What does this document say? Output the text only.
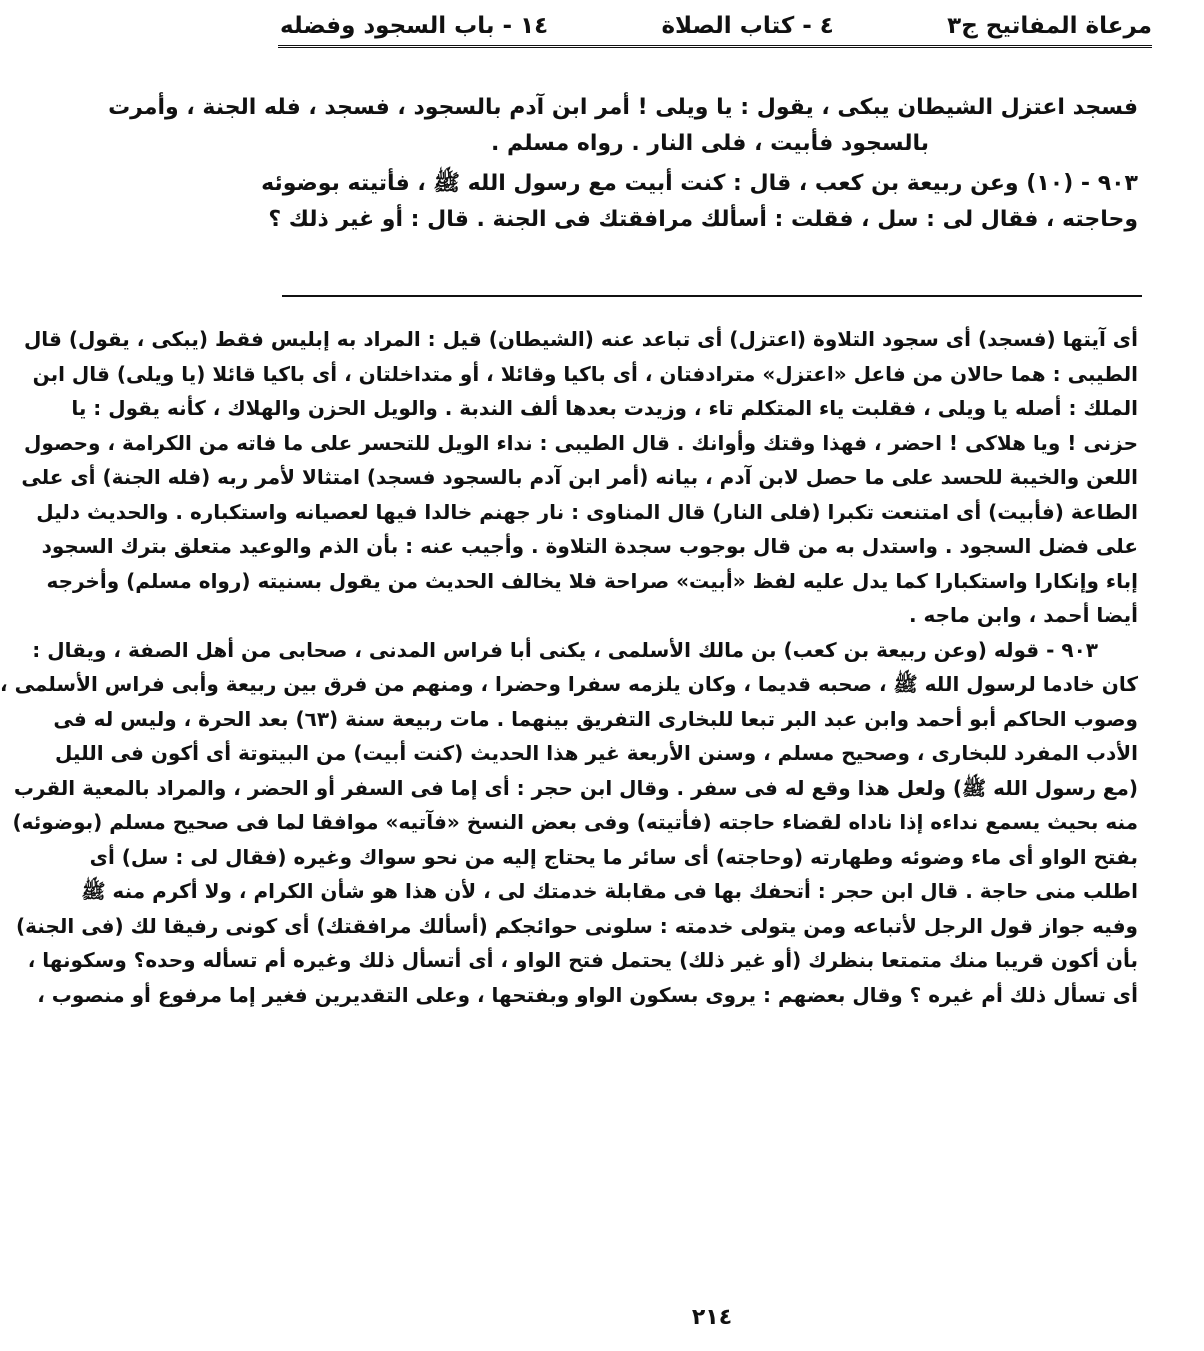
مرعاة المفاتيح ج٣
٤ - كتاب الصلاة
١٤ - باب السجود وفضله
فسجد اعتزل الشيطان يبكى ، يقول : يا ويلى ! أمر ابن آدم بالسجود ، فسجد ، فله الجنة ، وأمرت
بالسجود فأبيت ، فلى النار . رواه مسلم .
٩٠٣ - (١٠) وعن ربيعة بن كعب ، قال : كنت أبيت مع رسول الله ﷺ ، فأتيته بوضوئه
وحاجته ، فقال لى : سل ، فقلت : أسألك مرافقتك فى الجنة . قال : أو غير ذلك ؟
أى آيتها (فسجد) أى سجود التلاوة (اعتزل) أى تباعد عنه (الشيطان) قيل : المراد به إبليس فقط (يبكى ، يقول) قال
الطيبى : هما حالان من فاعل «اعتزل» مترادفتان ، أى باكيا وقائلا ، أو متداخلتان ، أى باكيا قائلا (يا ويلى) قال ابن
الملك : أصله يا ويلى ، فقلبت ياء المتكلم تاء ، وزيدت بعدها ألف الندبة . والويل الحزن والهلاك ، كأنه يقول : يا
حزنى ! ويا هلاكى ! احضر ، فهذا وقتك وأوانك . قال الطيبى : نداء الويل للتحسر على ما فاته من الكرامة ، وحصول
اللعن والخيبة للحسد على ما حصل لابن آدم ، بيانه (أمر ابن آدم بالسجود فسجد) امتثالا لأمر ربه (فله الجنة) أى على
الطاعة (فأبيت) أى امتنعت تكبرا (فلى النار) قال المناوى : نار جهنم خالدا فيها لعصيانه واستكباره . والحديث دليل
على فضل السجود . واستدل به من قال بوجوب سجدة التلاوة . وأجيب عنه : بأن الذم والوعيد متعلق بترك السجود
إباء وإنكارا واستكبارا كما يدل عليه لفظ «أبيت» صراحة فلا يخالف الحديث من يقول بسنيته (رواه مسلم) وأخرجه
أيضا أحمد ، وابن ماجه .
٩٠٣ - قوله (وعن ربيعة بن كعب) بن مالك الأسلمى ، يكنى أبا فراس المدنى ، صحابى من أهل الصفة ، ويقال :
كان خادما لرسول الله ﷺ ، صحبه قديما ، وكان يلزمه سفرا وحضرا ، ومنهم من فرق بين ربيعة وأبى فراس الأسلمى ،
وصوب الحاكم أبو أحمد وابن عبد البر تبعا للبخارى التفريق بينهما . مات ربيعة سنة (٦٣) بعد الحرة ، وليس له فى
الأدب المفرد للبخارى ، وصحيح مسلم ، وسنن الأربعة غير هذا الحديث (كنت أبيت) من البيتوتة أى أكون فى الليل
(مع رسول الله ﷺ) ولعل هذا وقع له فى سفر . وقال ابن حجر : أى إما فى السفر أو الحضر ، والمراد بالمعية القرب
منه بحيث يسمع نداءه إذا ناداه لقضاء حاجته (فأتيته) وفى بعض النسخ «فآتيه» موافقا لما فى صحيح مسلم (بوضوئه)
بفتح الواو أى ماء وضوئه وطهارته (وحاجته) أى سائر ما يحتاج إليه من نحو سواك وغيره (فقال لى : سل) أى
اطلب منى حاجة . قال ابن حجر : أتحفك بها فى مقابلة خدمتك لى ، لأن هذا هو شأن الكرام ، ولا أكرم منه ﷺ
وفيه جواز قول الرجل لأتباعه ومن يتولى خدمته : سلونى حوائجكم (أسألك مرافقتك) أى كونى رفيقا لك (فى الجنة)
بأن أكون قريبا منك متمتعا بنظرك (أو غير ذلك) يحتمل فتح الواو ، أى أتسأل ذلك وغيره أم تسأله وحده؟ وسكونها ،
أى تسأل ذلك أم غيره ؟ وقال بعضهم : يروى بسكون الواو وبفتحها ، وعلى التقديرين فغير إما مرفوع أو منصوب ،
٢١٤
